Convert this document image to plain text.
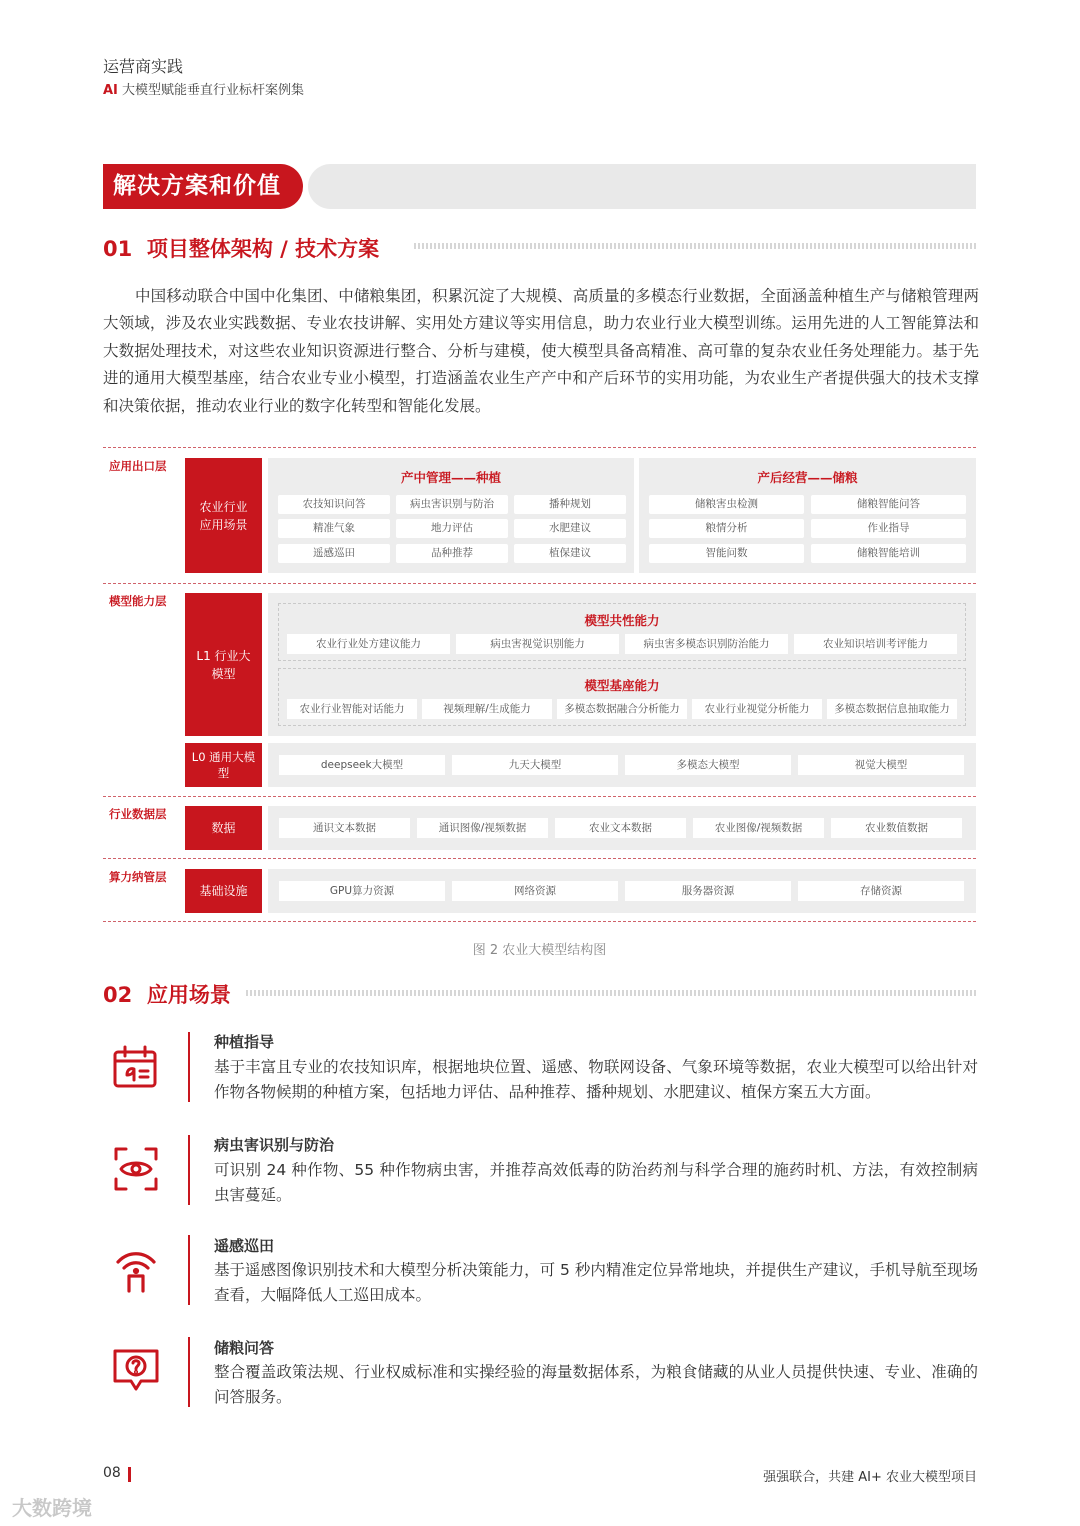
运营商实践
AI 大模型赋能垂直行业标杆案例集
解决方案和价值
01 项目整体架构 / 技术方案
中国移动联合中国中化集团、中储粮集团，积累沉淀了大规模、高质量的多模态行业数据，全面涵盖种植生产与储粮管理两大领域，涉及农业实践数据、专业农技讲解、实用处方建议等实用信息，助力农业行业大模型训练。运用先进的人工智能算法和大数据处理技术，对这些农业知识资源进行整合、分析与建模，使大模型具备高精准、高可靠的复杂农业任务处理能力。基于先进的通用大模型基座，结合农业专业小模型，打造涵盖农业生产产中和产后环节的实用功能，为农业生产者提供强大的技术支撑和决策依据，推动农业行业的数字化转型和智能化发展。
应用出口层
模型能力层
行业数据层
算力纳管层
农业行业应用场景
产中管理——种植
农技知识问答	病虫害识别与防治	播种规划
精准气象	地力评估	水肥建议
遥感巡田	品种推荐	植保建议
产后经营——储粮
储粮害虫检测	储粮智能问答
粮情分析	作业指导
智能问数	储粮智能培训
L1 行业大模型
模型共性能力
农业行业处方建议能力	病虫害视觉识别能力	病虫害多模态识别防治能力	农业知识培训考评能力
模型基座能力
农业行业智能对话能力	视频理解/生成能力	多模态数据融合分析能力	农业行业视觉分析能力	多模态数据信息抽取能力
L0 通用大模型
deepseek大模型	九天大模型	多模态大模型	视觉大模型
数据	通识文本数据	通识图像/视频数据	农业文本数据	农业图像/视频数据	农业数值数据
基础设施	GPU算力资源	网络资源	服务器资源	存储资源
图 2 农业大模型结构图
02 应用场景
种植指导
基于丰富且专业的农技知识库，根据地块位置、遥感、物联网设备、气象环境等数据，农业大模型可以给出针对作物各物候期的种植方案，包括地力评估、品种推荐、播种规划、水肥建议、植保方案五大方面。
病虫害识别与防治
可识别 24 种作物、55 种作物病虫害，并推荐高效低毒的防治药剂与科学合理的施药时机、方法，有效控制病虫害蔓延。
遥感巡田
基于遥感图像识别技术和大模型分析决策能力，可 5 秒内精准定位异常地块，并提供生产建议，手机导航至现场查看，大幅降低人工巡田成本。
储粮问答
整合覆盖政策法规、行业权威标准和实操经验的海量数据体系，为粮食储藏的从业人员提供快速、专业、准确的问答服务。
08	强强联合，共建 AI+ 农业大模型项目
大数跨境
